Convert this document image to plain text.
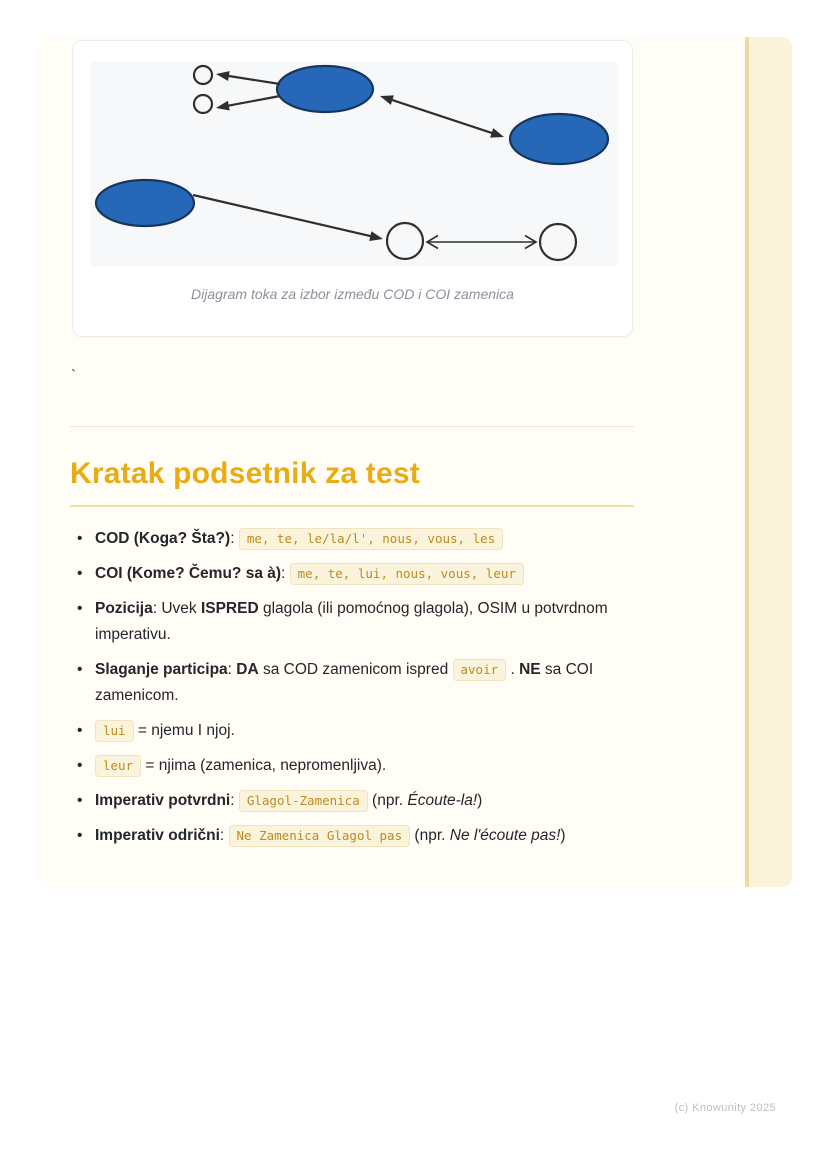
Dijagram toka za izbor između COD i COI zamenica
`
Kratak podsetnik za test
• COD (Koga? Šta?): me, te, le/la/l', nous, vous, les
• COI (Kome? Čemu? sa à): me, te, lui, nous, vous, leur
• Pozicija: Uvek ISPRED glagola (ili pomoćnog glagola), OSIM u potvrdnom imperativu.
• Slaganje participa: DA sa COD zamenicom ispred avoir . NE sa COI zamenicom.
• lui = njemu I njoj.
• leur = njima (zamenica, nepromenljiva).
• Imperativ potvrdni: Glagol-Zamenica (npr. Écoute-la!)
• Imperativ odrični: Ne Zamenica Glagol pas (npr. Ne l'écoute pas!)
(c) Knowunity 2025
